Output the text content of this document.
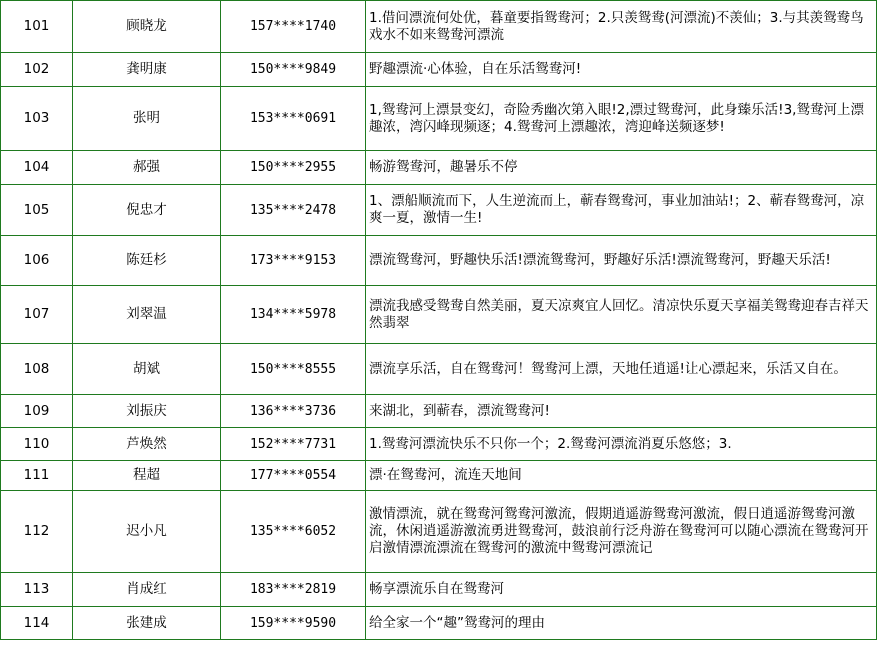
101	顾晓龙	157****1740	1.借问漂流何处优，暮童要指鸳鸯河；2.只羡鸳鸯(河漂流)不羡仙；3.与其羡鸳鸯鸟戏水不如来鸳鸯河漂流
102	龚明康	150****9849	野趣漂流·心体验，自在乐活鸳鸯河!
103	张明	153****0691	1,鸳鸯河上漂景变幻，奇险秀幽次第入眼!2,漂过鸳鸯河，此身臻乐活!3,鸳鸯河上漂趣浓，湾闪峰现频逐；4.鸳鸯河上漂趣浓，湾迎峰送频逐梦!
104	郝强	150****2955	畅游鸳鸯河，趣暑乐不停
105	倪忠才	135****2478	1、漂船顺流而下，人生逆流而上，蕲春鸳鸯河，事业加油站!；2、蕲春鸳鸯河，凉爽一夏，激情一生!
106	陈廷杉	173****9153	漂流鸳鸯河，野趣快乐活!漂流鸳鸯河，野趣好乐活!漂流鸳鸯河，野趣天乐活!
107	刘翠温	134****5978	漂流我感受鸳鸯自然美丽，夏天凉爽宜人回忆。清凉快乐夏天享福美鸳鸯迎春吉祥天然翡翠
108	胡斌	150****8555	漂流享乐活，自在鸳鸯河！鸳鸯河上漂，天地任逍遥!让心漂起来，乐活又自在。
109	刘振庆	136****3736	来湖北，到蕲春，漂流鸳鸯河!
110	芦焕然	152****7731	1.鸳鸯河漂流快乐不只你一个；2.鸳鸯河漂流消夏乐悠悠；3.
111	程超	177****0554	漂·在鸳鸯河，流连天地间
112	迟小凡	135****6052	激情漂流，就在鸳鸯河鸳鸯河激流，假期逍遥游鸳鸯河激流，假日逍遥游鸳鸯河激流，休闲逍遥游激流勇进鸳鸯河，鼓浪前行泛舟游在鸳鸯河可以随心漂流在鸳鸯河开启激情漂流漂流在鸳鸯河的激流中鸳鸯河漂流记
113	肖成红	183****2819	畅享漂流乐自在鸳鸯河
114	张建成	159****9590	给全家一个“趣”鸳鸯河的理由
